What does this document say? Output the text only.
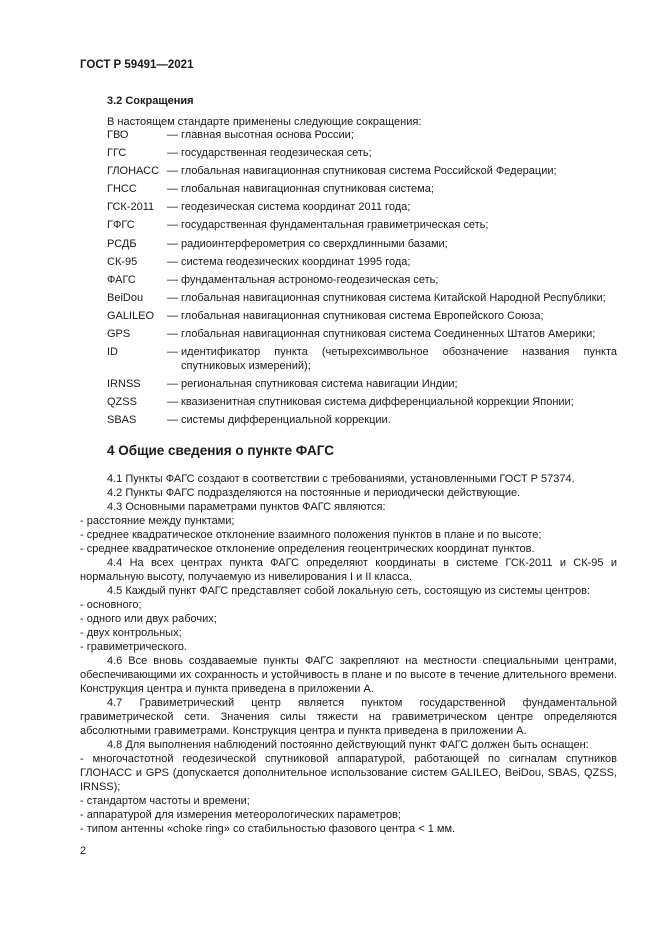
ГОСТ Р 59491—2021
3.2 Сокращения
В настоящем стандарте применены следующие сокращения:
ГВО	— главная высотная основа России;
ГГС	— государственная геодезическая сеть;
ГЛОНАСС — глобальная навигационная спутниковая система Российской Федерации;
ГНСС	— глобальная навигационная спутниковая система;
ГСК-2011	— геодезическая система координат 2011 года;
ГФГС	— государственная фундаментальная гравиметрическая сеть;
РСДБ	— радиоинтерферометрия со сверхдлинными базами;
СК-95	— система геодезических координат 1995 года;
ФАГС	— фундаментальная астрономо-геодезическая сеть;
BeiDou	— глобальная навигационная спутниковая система Китайской Народной Республики;
GALILEO	— глобальная навигационная спутниковая система Европейского Союза;
GPS	— глобальная навигационная спутниковая система Соединенных Штатов Америки;
ID	— идентификатор пункта (четырехсимвольное обозначение названия пункта спутниковых измерений);
IRNSS	— региональная спутниковая система навигации Индии;
QZSS	— квазизенитная спутниковая система дифференциальной коррекции Японии;
SBAS	— системы дифференциальной коррекции.
4 Общие сведения о пункте ФАГС

4.1 Пункты ФАГС создают в соответствии с требованиями, установленными ГОСТ Р 57374.

4.2 Пункты ФАГС подразделяются на постоянные и периодически действующие.

4.3 Основными параметрами пунктов ФАГС являются:

- расстояние между пунктами;

- среднее квадратическое отклонение взаимного положения пунктов в плане и по высоте;

- среднее квадратическое отклонение определения геоцентрических координат пунктов.

4.4 На всех центрах пункта ФАГС определяют координаты в системе ГСК-2011 и СК-95 и нормальную высоту, получаемую из нивелирования I и II класса.

4.5 Каждый пункт ФАГС представляет собой локальную сеть, состоящую из системы центров:

- основного;

- одного или двух рабочих;

- двух контрольных;

- гравиметрического.

4.6 Все вновь создаваемые пункты ФАГС закрепляют на местности специальными центрами, обеспечивающими их сохранность и устойчивость в плане и по высоте в течение длительного времени. Конструкция центра и пункта приведена в приложении А.

4.7 Гравиметрический центр является пунктом государственной фундаментальной гравиметрической сети. Значения силы тяжести на гравиметрическом центре определяются абсолютными гравиметрами. Конструкция центра и пункта приведена в приложении А.

4.8 Для выполнения наблюдений постоянно действующий пункт ФАГС должен быть оснащен:

- многочастотной геодезической спутниковой аппаратурой, работающей по сигналам спутников ГЛОНАСС и GPS (допускается дополнительное использование систем GALILEO, BeiDou, SBAS, QZSS, IRNSS);

- стандартом частоты и времени;

- аппаратурой для измерения метеорологических параметров;

- типом антенны «choke ring» со стабильностью фазового центра < 1 мм.

2
